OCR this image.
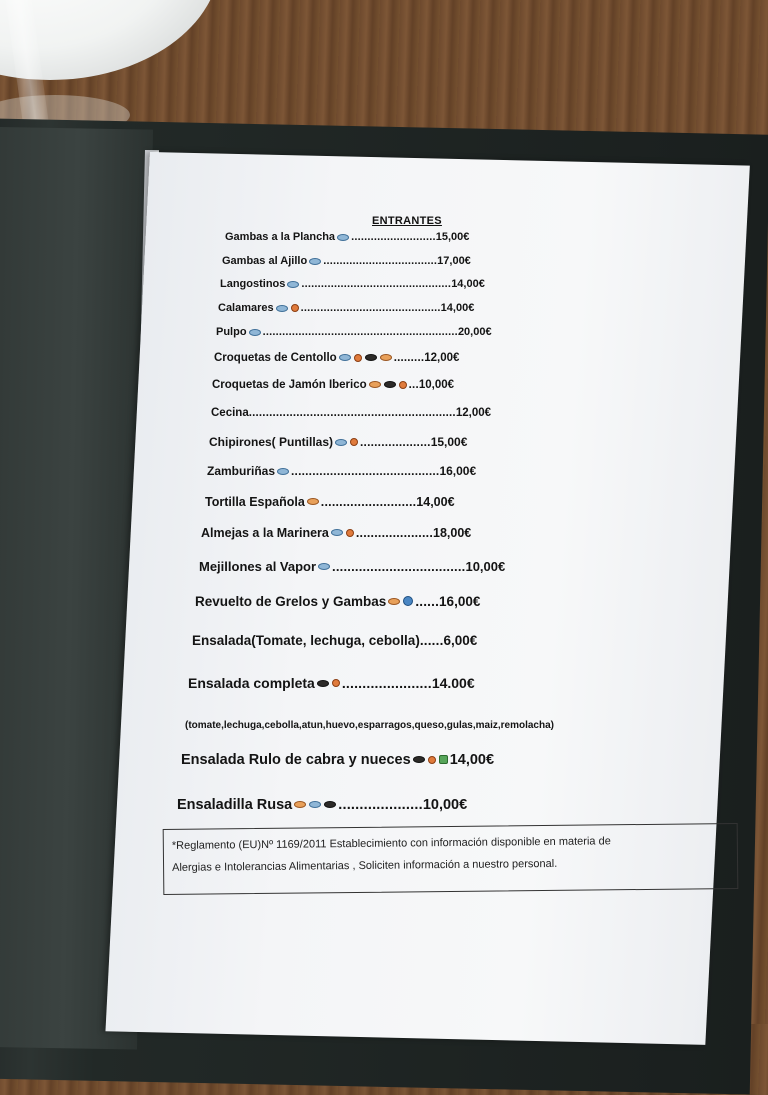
ENTRANTES
Gambas a la Plancha .......................... 15,00€
Gambas al Ajillo ................................... 17,00€
Langostinos .............................................. 14,00€
Calamares ........................................... 14,00€
Pulpo ............................................................ 20,00€
Croquetas de Centollo	......... 12,00€
Croquetas de Jamón Iberico	... 10,00€
Cecina ............................................................. 12,00€
Chipirones( Puntillas) .................... 15,00€
Zamburiñas .......................................... 16,00€
Tortilla Española .......................... 14,00€
Almejas a la Marinera ..................... 18,00€
Mejillones al Vapor ................................... 10,00€
Revuelto de Grelos y Gambas ...... 16,00€
Ensalada(Tomate, lechuga, cebolla) ...... 6,00€
Ensalada completa ...................... 14.00€
(tomate,lechuga,cebolla,atun,huevo,esparragos,queso,gulas,maiz,remolacha)
Ensalada Rulo de cabra y nueces	14,00€
Ensaladilla Rusa	.................... 10,00€
*Reglamento (EU)Nº 1169/2011 Establecimiento con información disponible en materia de
Alergias e Intolerancias Alimentarias , Soliciten información a nuestro personal.
